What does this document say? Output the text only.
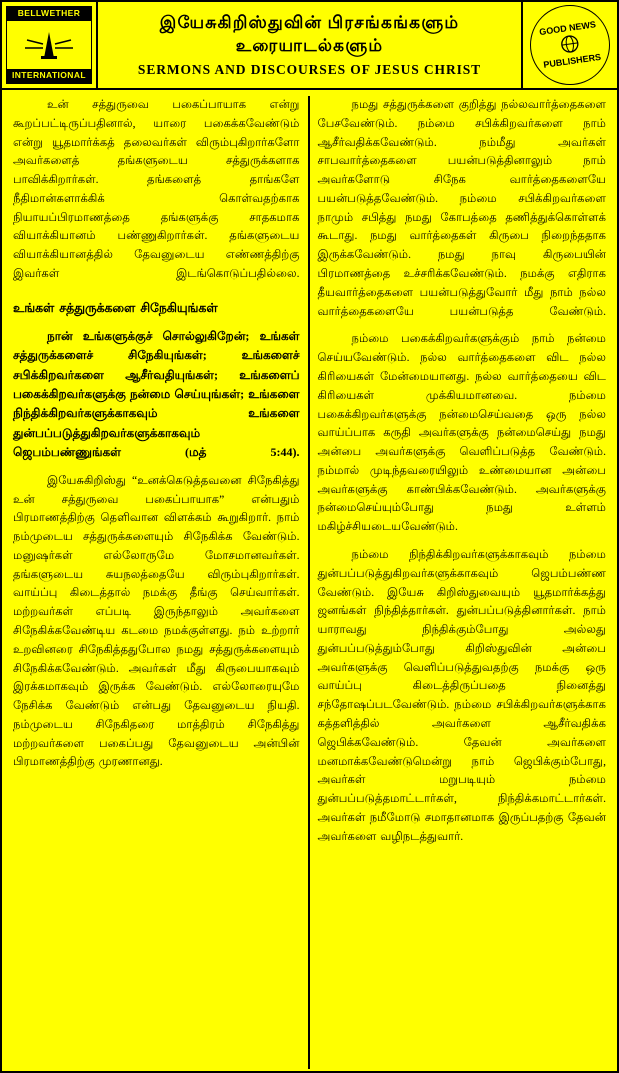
BELLWETHER
INTERNATIONAL
இயேசுகிறிஸ்துவின் பிரசங்கங்களும்
உரையாடல்களும்
SERMONS AND DISCOURSES OF JESUS CHRIST
GOOD NEWS
PUBLISHERS

உன் சத்துருவை பகைப்பாயாக என்று கூறப்பட்டிருப்பதினால், யாரை பகைக்கவேண்டும் என்று யூதமார்க்கத் தலைவர்கள் விரும்புகிறார்களோ அவர்களைத் தங்களுடைய சத்துருக்களாக பாவிக்கிறார்கள். தங்களைத் தாங்களே நீதிமான்களாக்கிக் கொள்வதற்காக நியாயப்பிரமாணத்தை தங்களுக்கு சாதகமாக வியாக்கியானம் பண்ணுகிறார்கள். தங்களுடைய வியாக்கியானத்தில் தேவனுடைய எண்ணத்திற்கு இவர்கள் இடங்கொடுப்பதில்லை.

உங்கள் சத்துருக்களை சிநேகியுங்கள்

நான் உங்களுக்குச் சொல்லுகிறேன்; உங்கள் சத்துருக்களைச் சிநேகியுங்கள்; உங்களைச் சபிக்கிறவர்களை ஆசீர்வதியுங்கள்; உங்களைப் பகைக்கிறவர்களுக்கு நன்மை செய்யுங்கள்; உங்களை நிந்திக்கிறவர்களுக்காகவும் உங்களை துன்பப்படுத்துகிறவர்களுக்காகவும் ஜெபம்பண்ணுங்கள் (மத் 5:44).

இயேசுகிறிஸ்து “உனக்கெடுத்தவனை சிநேகித்து உன் சத்துருவை பகைப்பாயாக” என்பதும் பிரமாணத்திற்கு தெளிவான விளக்கம் கூறுகிறார். நாம் நம்முடைய சத்துருக்களையும் சிநேகிக்க வேண்டும். மனுஷர்கள் எல்லோருமே மோசமானவர்கள். தங்களுடைய சுயநலத்தையே விரும்புகிறார்கள். வாய்ப்பு கிடைத்தால் நமக்கு தீங்கு செய்வார்கள். மற்றவர்கள் எப்படி இருந்தாலும் அவர்களை சிநேகிக்கவேண்டிய கடமை நமக்குள்ளது. நம் உற்றார் உறவினரை சிநேகித்ததுபோல நமது சத்துருக்களையும் சிநேகிக்கவேண்டும். அவர்கள் மீது கிருபையாகவும் இரக்கமாகவும் இருக்க வேண்டும். எல்லோரையுமே நேசிக்க வேண்டும் என்பது தேவனுடைய நியதி. நம்முடைய சிநேகிதரை மாத்திரம் சிநேகித்து மற்றவர்களை பகைப்பது தேவனுடைய அன்பின் பிரமாணத்திற்கு முரணானது.

நமது சத்துருக்களை குறித்து நல்லவார்த்தைகளை பேசவேண்டும். நம்மை சபிக்கிறவர்களை நாம் ஆசீர்வதிக்கவேண்டும். நம்மீது அவர்கள் சாபவார்த்தைகளை பயன்படுத்தினாலும் நாம் அவர்களோடு சிநேக வார்த்தைகளையே பயன்படுத்தவேண்டும். நம்மை சபிக்கிறவர்களை நாமும் சபித்து நமது கோபத்தை தணித்துக்கொள்ளக் கூடாது. நமது வார்த்தைகள் கிருபை நிறைந்ததாக இருக்கவேண்டும். நமது நாவு கிருபையின் பிரமாணத்தை உச்சரிக்கவேண்டும். நமக்கு எதிராக தீயவார்த்தைகளை பயன்படுத்துவோர் மீது நாம் நல்ல வார்த்தைகளையே பயன்படுத்த வேண்டும்.

நம்மை பகைக்கிறவர்களுக்கும் நாம் நன்மை செய்யவேண்டும். நல்ல வார்த்தைகளை விட நல்ல கிரியைகள் மேன்மையானது. நல்ல வார்த்தையை விட கிரியைகள் முக்கியமானவை. நம்மை பகைக்கிறவர்களுக்கு நன்மைசெய்வதை ஒரு நல்ல வாய்ப்பாக கருதி அவர்களுக்கு நன்மைசெய்து நமது அன்பை அவர்களுக்கு வெளிப்படுத்த வேண்டும். நம்மால் முடிந்தவரையிலும் உண்மையான அன்பை அவர்களுக்கு காண்பிக்கவேண்டும். அவர்களுக்கு நன்மைசெய்யும்போது நமது உள்ளம் மகிழ்ச்சியடையவேண்டும்.

நம்மை நிந்திக்கிறவர்களுக்காகவும் நம்மை துன்பப்படுத்துகிறவர்களுக்காகவும் ஜெபம்பண்ண வேண்டும். இயேசு கிறிஸ்துவையும் யூதமார்க்கத்து ஜனங்கள் நிந்தித்தார்கள். துன்பப்படுத்தினார்கள். நாம் யாராவது நிந்திக்கும்போது அல்லது துன்பப்படுத்தும்போது கிறிஸ்துவின் அன்பை அவர்களுக்கு வெளிப்படுத்துவதற்கு நமக்கு ஒரு வாய்ப்பு கிடைத்திருப்பதை நினைத்து சந்தோஷப்படவேண்டும். நம்மை சபிக்கிறவர்களுக்காக கத்தளித்தில் அவர்களை ஆசீர்வதிக்க ஜெபிக்கவேண்டும். தேவன் அவர்களை மனமாக்கவேண்டுமென்று நாம் ஜெபிக்கும்போது, அவர்கள் மறுபடியும் நம்மை துன்பப்படுத்தமாட்டார்கள், நிந்திக்கமாட்டார்கள். அவர்கள் நமீமோடு சமாதானமாக இருப்பதற்கு தேவன் அவர்களை வழிநடத்துவார்.
